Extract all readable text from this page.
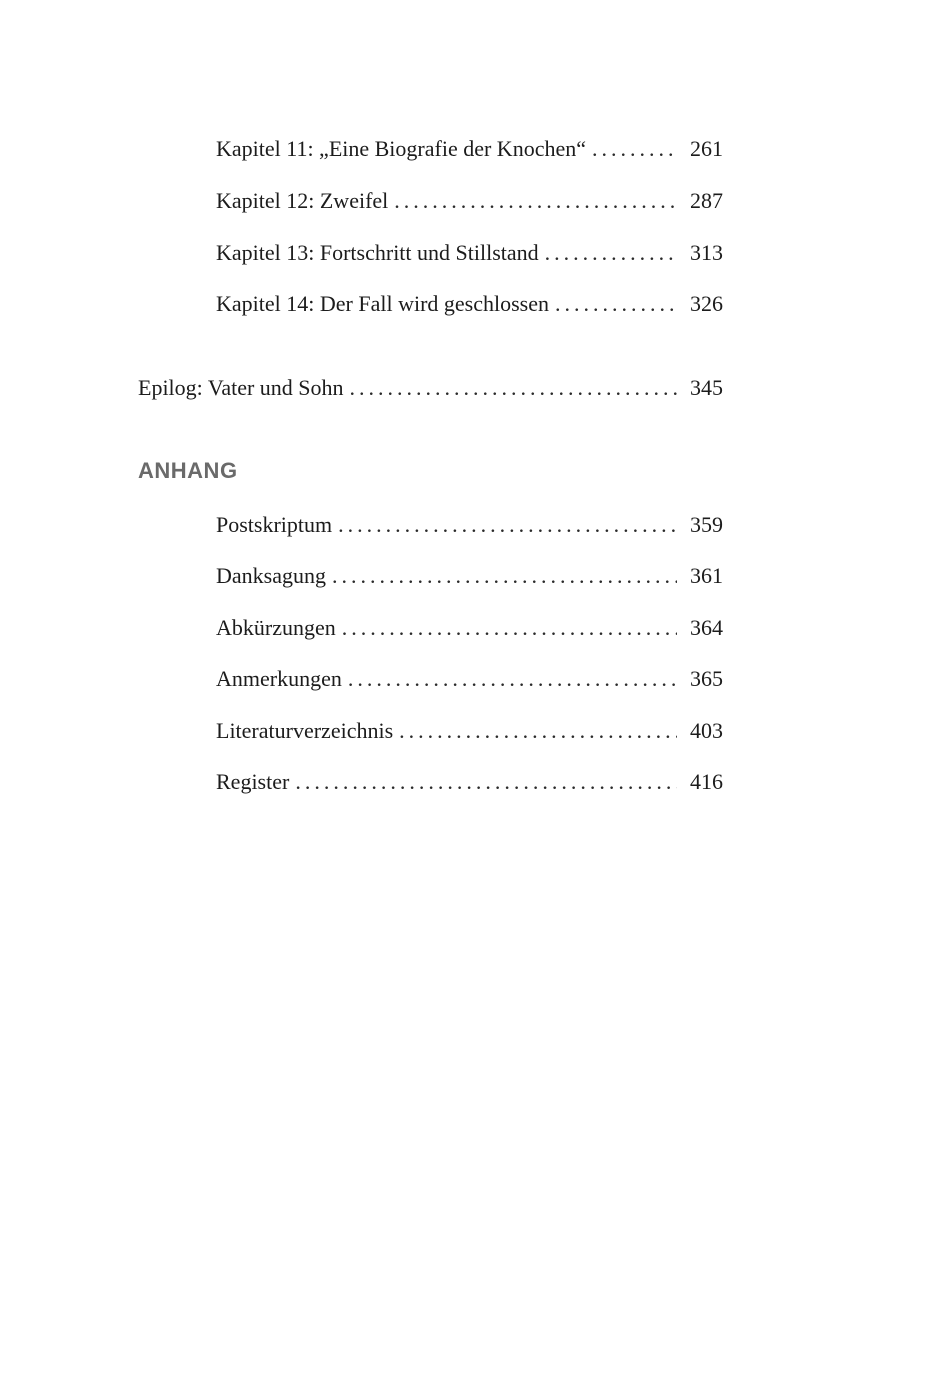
Kapitel 11: „Eine Biografie der Knochen“ . . .	261
Kapitel 12: Zweifel . . .	287
Kapitel 13: Fortschritt und Stillstand . . .	313
Kapitel 14: Der Fall wird geschlossen . . .	326
Epilog: Vater und Sohn . . .	345
ANHANG
Postskriptum . . .	359
Danksagung . . .	361
Abkürzungen . . .	364
Anmerkungen . . .	365
Literaturverzeichnis . . .	403
Register . . .	416
